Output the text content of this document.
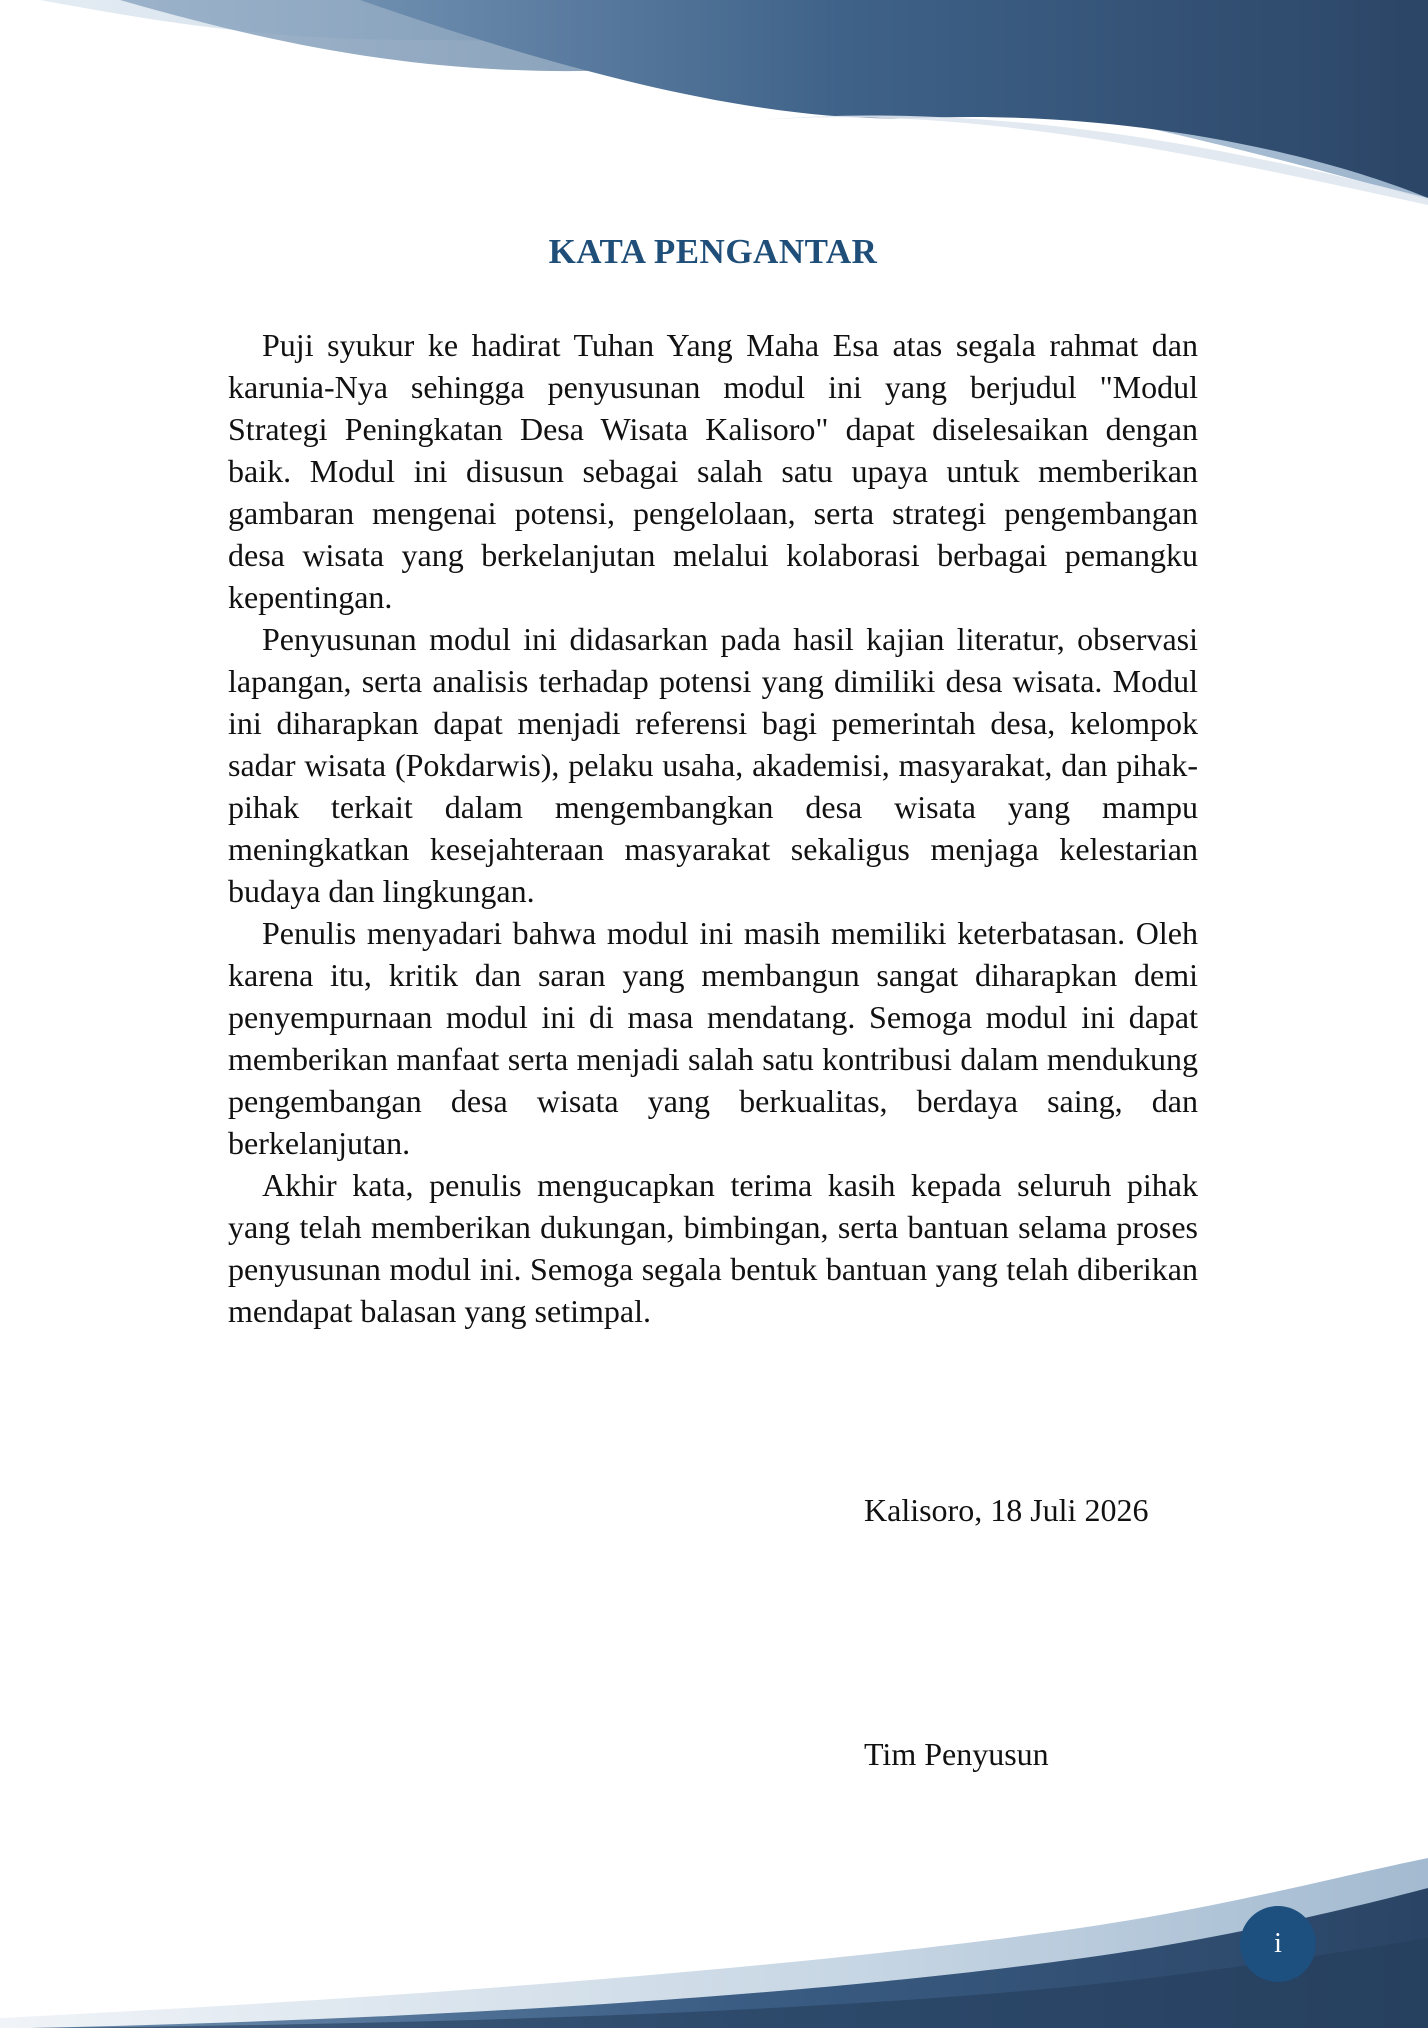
KATA PENGANTAR

Puji syukur ke hadirat Tuhan Yang Maha Esa atas segala rahmat dan karunia-Nya sehingga penyusunan modul ini yang berjudul "Modul Strategi Peningkatan Desa Wisata Kalisoro" dapat diselesaikan dengan baik. Modul ini disusun sebagai salah satu upaya untuk memberikan gambaran mengenai potensi, pengelolaan, serta strategi pengembangan desa wisata yang berkelanjutan melalui kolaborasi berbagai pemangku kepentingan.

Penyusunan modul ini didasarkan pada hasil kajian literatur, observasi lapangan, serta analisis terhadap potensi yang dimiliki desa wisata. Modul ini diharapkan dapat menjadi referensi bagi pemerintah desa, kelompok sadar wisata (Pokdarwis), pelaku usaha, akademisi, masyarakat, dan pihak-pihak terkait dalam mengembangkan desa wisata yang mampu meningkatkan kesejahteraan masyarakat sekaligus menjaga kelestarian budaya dan lingkungan.

Penulis menyadari bahwa modul ini masih memiliki keterbatasan. Oleh karena itu, kritik dan saran yang membangun sangat diharapkan demi penyempurnaan modul ini di masa mendatang. Semoga modul ini dapat memberikan manfaat serta menjadi salah satu kontribusi dalam mendukung pengembangan desa wisata yang berkualitas, berdaya saing, dan berkelanjutan.

Akhir kata, penulis mengucapkan terima kasih kepada seluruh pihak yang telah memberikan dukungan, bimbingan, serta bantuan selama proses penyusunan modul ini. Semoga segala bentuk bantuan yang telah diberikan mendapat balasan yang setimpal.

Kalisoro, 18 Juli 2026
Tim Penyusun
i
